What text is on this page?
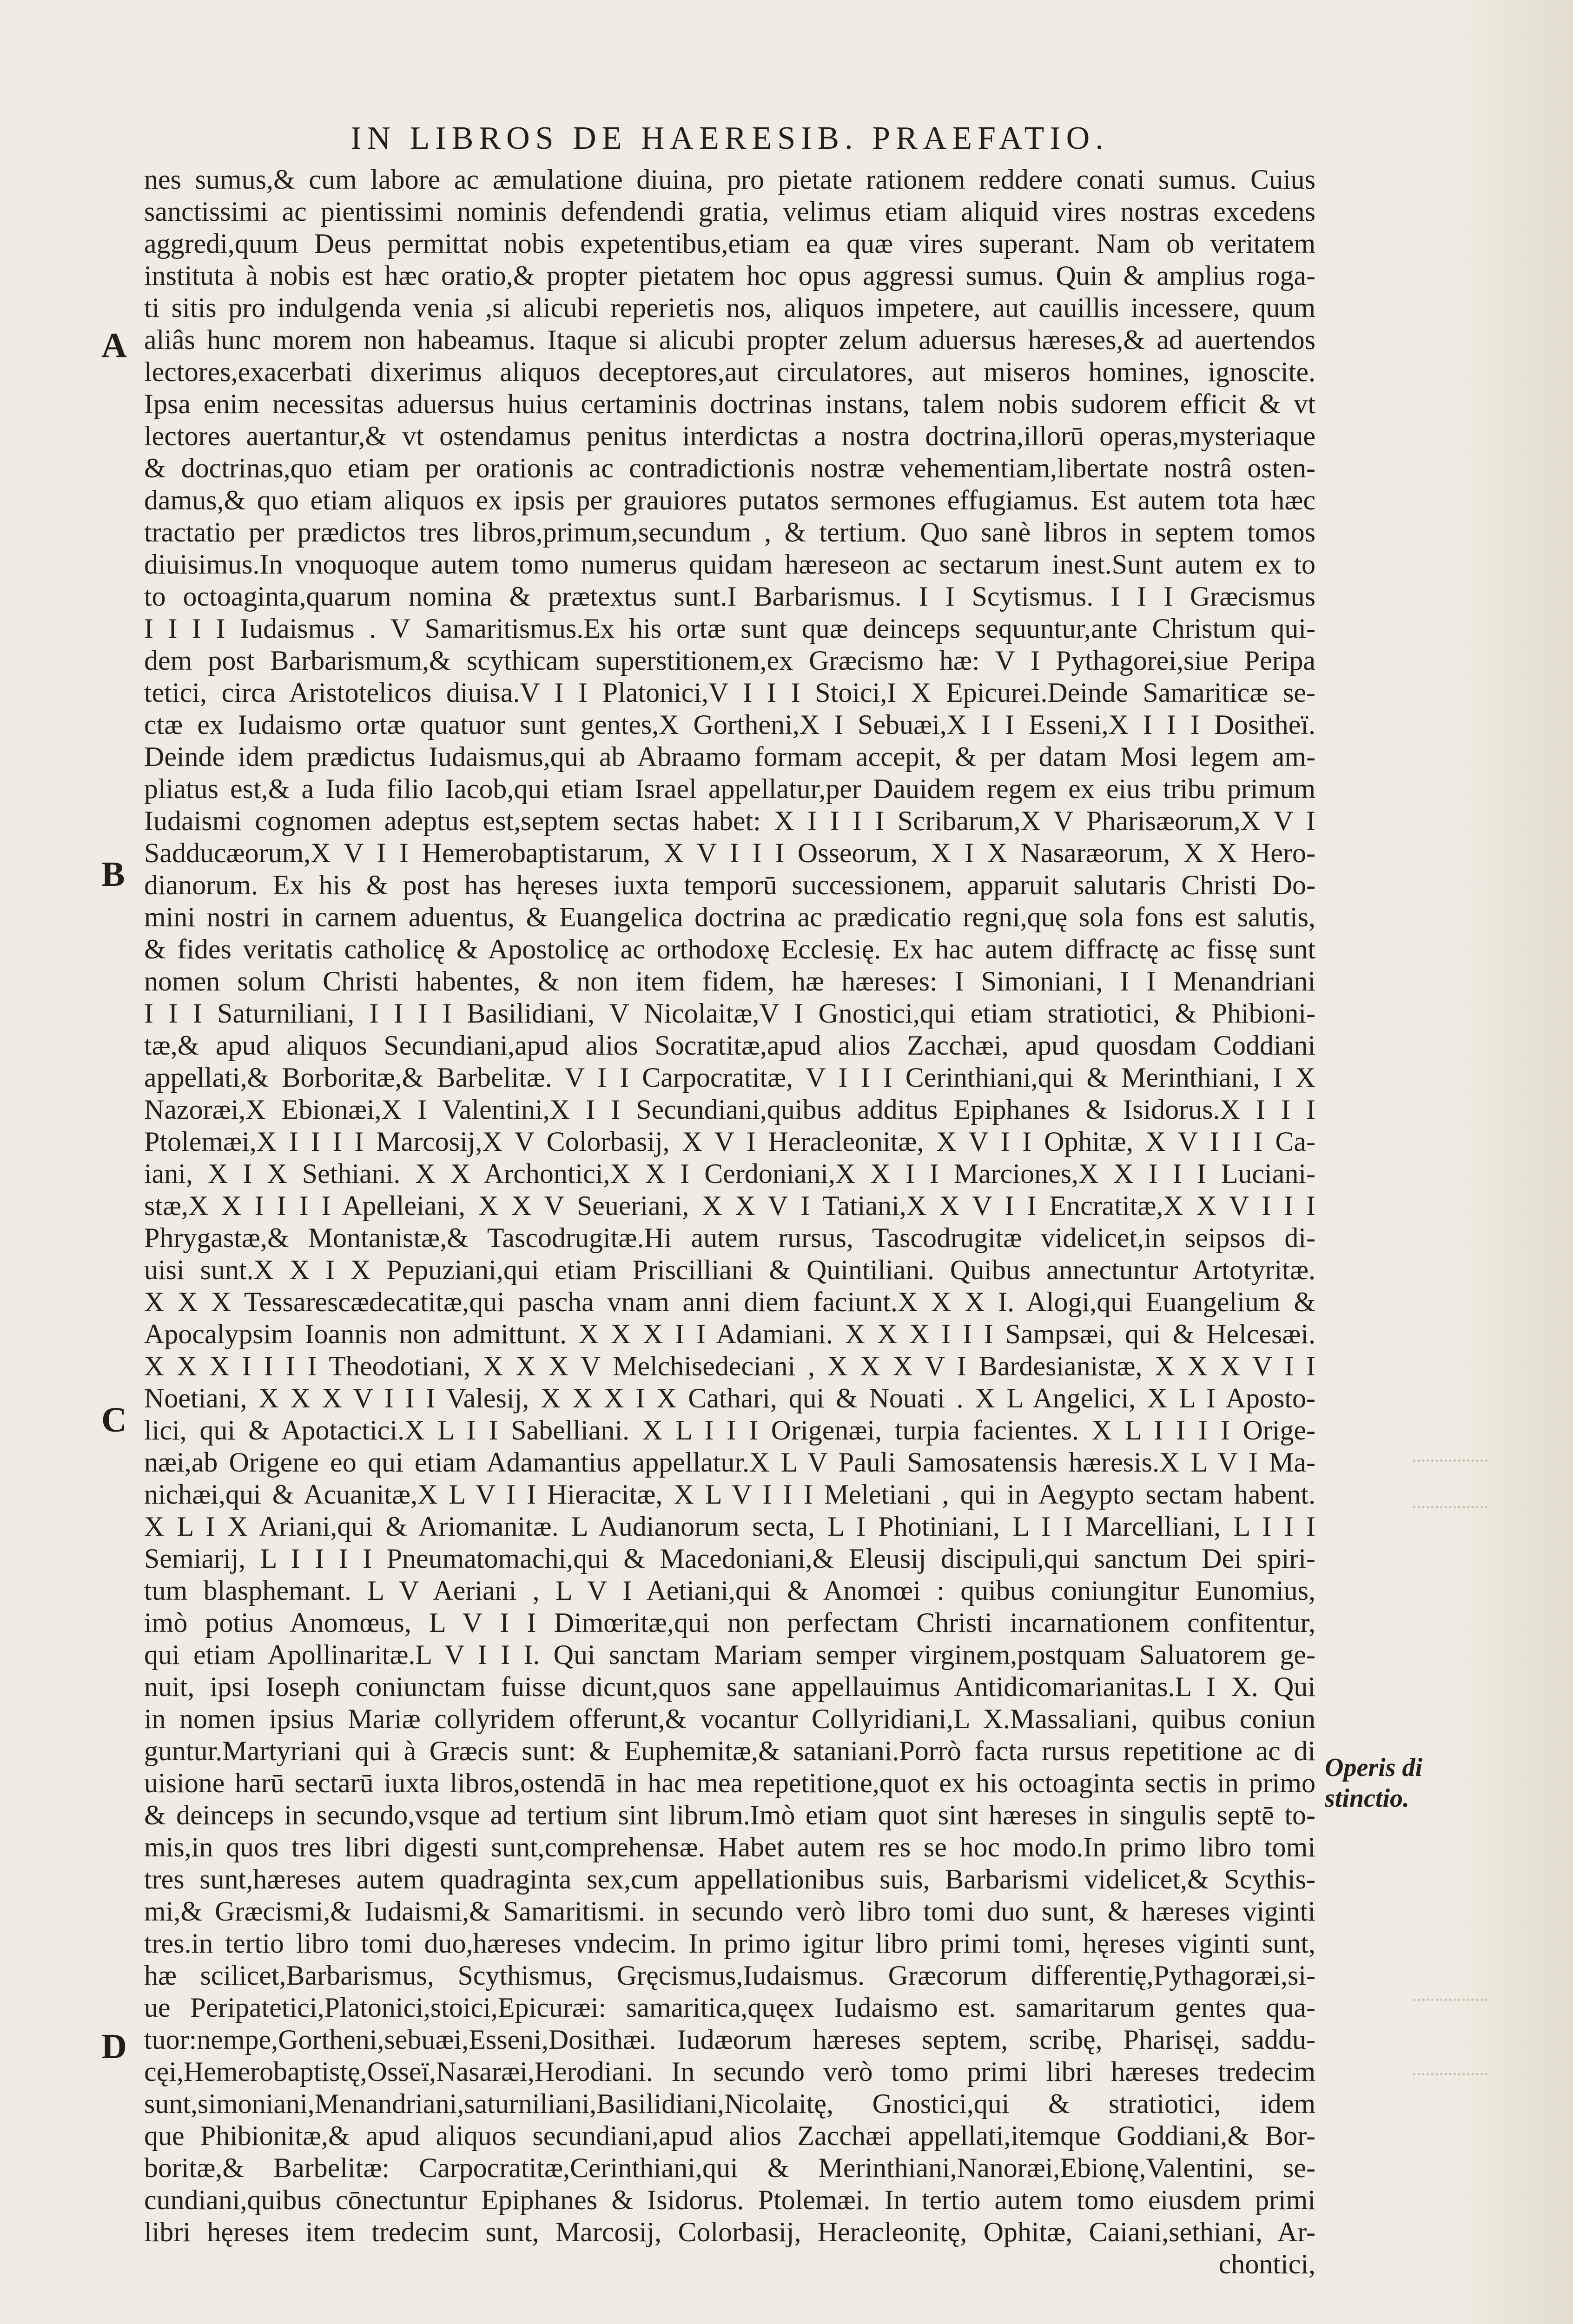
IN LIBROS DE HAERESIB. PRAEFATIO.
A
B
C
D
nes sumus,& cum labore ac æmulatione diuina, pro pietate rationem reddere conati sumus. Cuius
sanctissimi ac pientissimi nominis defendendi gratia, velimus etiam aliquid vires nostras excedens
aggredi,quum Deus permittat nobis expetentibus,etiam ea quæ vires superant. Nam ob veritatem
instituta à nobis est hæc oratio,& propter pietatem hoc opus aggressi sumus. Quin & amplius roga-
ti sitis pro indulgenda venia ,si alicubi reperietis nos, aliquos impetere, aut cauillis incessere, quum
aliâs hunc morem non habeamus. Itaque si alicubi propter zelum aduersus hæreses,& ad auertendos
lectores,exacerbati dixerimus aliquos deceptores,aut circulatores, aut miseros homines, ignoscite.
Ipsa enim necessitas aduersus huius certaminis doctrinas instans, talem nobis sudorem efficit & vt
lectores auertantur,& vt ostendamus penitus interdictas a nostra doctrina,illorū operas,mysteriaque
& doctrinas,quo etiam per orationis ac contradictionis nostræ vehementiam,libertate nostrâ osten-
damus,& quo etiam aliquos ex ipsis per grauiores putatos sermones effugiamus. Est autem tota hæc
tractatio per prædictos tres libros,primum,secundum , & tertium. Quo sanè libros in septem tomos
diuisimus.In vnoquoque autem tomo numerus quidam hæreseon ac sectarum inest.Sunt autem ex to
to octoaginta,quarum nomina & prætextus sunt.I Barbarismus. I I Scytismus. I I I Græcismus
I I I I Iudaismus . V Samaritismus.Ex his ortæ sunt quæ deinceps sequuntur,ante Christum qui-
dem post Barbarismum,& scythicam superstitionem,ex Græcismo hæ: V I Pythagorei,siue Peripa
tetici, circa Aristotelicos diuisa.V I I Platonici,V I I I Stoici,I X Epicurei.Deinde Samariticæ se-
ctæ ex Iudaismo ortæ quatuor sunt gentes,X Gortheni,X I Sebuæi,X I I Esseni,X I I I Dositheï.
Deinde idem prædictus Iudaismus,qui ab Abraamo formam accepit, & per datam Mosi legem am-
pliatus est,& a Iuda filio Iacob,qui etiam Israel appellatur,per Dauidem regem ex eius tribu primum
Iudaismi cognomen adeptus est,septem sectas habet: X I I I I Scribarum,X V Pharisæorum,X V I
Sadducæorum,X V I I Hemerobaptistarum, X V I I I Osseorum, X I X Nasaræorum, X X Hero-
dianorum. Ex his & post has hęreses iuxta temporū successionem, apparuit salutaris Christi Do-
mini nostri in carnem aduentus, & Euangelica doctrina ac prædicatio regni,quę sola fons est salutis,
& fides veritatis catholicę & Apostolicę ac orthodoxę Ecclesię. Ex hac autem diffractę ac fissę sunt
nomen solum Christi habentes, & non item fidem, hæ hæreses: I Simoniani, I I Menandriani
I I I Saturniliani, I I I I Basilidiani, V Nicolaitæ,V I Gnostici,qui etiam stratiotici, & Phibioni-
tæ,& apud aliquos Secundiani,apud alios Socratitæ,apud alios Zacchæi, apud quosdam Coddiani
appellati,& Borboritæ,& Barbelitæ. V I I Carpocratitæ, V I I I Cerinthiani,qui & Merinthiani, I X
Nazoræi,X Ebionæi,X I Valentini,X I I Secundiani,quibus additus Epiphanes & Isidorus.X I I I
Ptolemæi,X I I I I Marcosij,X V Colorbasij, X V I Heracleonitæ, X V I I Ophitæ, X V I I I Ca-
iani, X I X Sethiani. X X Archontici,X X I Cerdoniani,X X I I Marciones,X X I I I Luciani-
stæ,X X I I I I Apelleiani, X X V Seueriani, X X V I Tatiani,X X V I I Encratitæ,X X V I I I
Phrygastæ,& Montanistæ,& Tascodrugitæ.Hi autem rursus, Tascodrugitæ videlicet,in seipsos di-
uisi sunt.X X I X Pepuziani,qui etiam Priscilliani & Quintiliani. Quibus annectuntur Artotyritæ.
X X X Tessarescædecatitæ,qui pascha vnam anni diem faciunt.X X X I. Alogi,qui Euangelium &
Apocalypsim Ioannis non admittunt. X X X I I Adamiani. X X X I I I Sampsæi, qui & Helcesæi.
X X X I I I I Theodotiani, X X X V Melchisedeciani , X X X V I Bardesianistæ, X X X V I I
Noetiani, X X X V I I I Valesij, X X X I X Cathari, qui & Nouati . X L Angelici, X L I Aposto-
lici, qui & Apotactici.X L I I Sabelliani. X L I I I Origenæi, turpia facientes. X L I I I I Orige-
næi,ab Origene eo qui etiam Adamantius appellatur.X L V Pauli Samosatensis hæresis.X L V I Ma-
nichæi,qui & Acuanitæ,X L V I I Hieracitæ, X L V I I I Meletiani , qui in Aegypto sectam habent.
X L I X Ariani,qui & Ariomanitæ. L Audianorum secta, L I Photiniani, L I I Marcelliani, L I I I
Semiarij, L I I I I Pneumatomachi,qui & Macedoniani,& Eleusij discipuli,qui sanctum Dei spiri-
tum blasphemant. L V Aeriani , L V I Aetiani,qui & Anomœi : quibus coniungitur Eunomius,
imò potius Anomœus, L V I I Dimœritæ,qui non perfectam Christi incarnationem confitentur,
qui etiam Apollinaritæ.L V I I I. Qui sanctam Mariam semper virginem,postquam Saluatorem ge-
nuit, ipsi Ioseph coniunctam fuisse dicunt,quos sane appellauimus Antidicomarianitas.L I X. Qui
in nomen ipsius Mariæ collyridem offerunt,& vocantur Collyridiani,L X.Massaliani, quibus coniun
guntur.Martyriani qui à Græcis sunt: & Euphemitæ,& sataniani.Porrò facta rursus repetitione ac di
uisione harū sectarū iuxta libros,ostendā in hac mea repetitione,quot ex his octoaginta sectis in primo
& deinceps in secundo,vsque ad tertium sint librum.Imò etiam quot sint hæreses in singulis septē to-
mis,in quos tres libri digesti sunt,comprehensæ. Habet autem res se hoc modo.In primo libro tomi
tres sunt,hæreses autem quadraginta sex,cum appellationibus suis, Barbarismi videlicet,& Scythis-
mi,& Græcismi,& Iudaismi,& Samaritismi. in secundo verò libro tomi duo sunt, & hæreses viginti
tres.in tertio libro tomi duo,hæreses vndecim. In primo igitur libro primi tomi, hęreses viginti sunt,
hæ scilicet,Barbarismus, Scythismus, Gręcismus,Iudaismus. Græcorum differentię,Pythagoræi,si-
ue Peripatetici,Platonici,stoici,Epicuræi: samaritica,quęex Iudaismo est. samaritarum gentes qua-
tuor:nempe,Gortheni,sebuæi,Esseni,Dosithæi. Iudæorum hæreses septem, scribę, Pharisęi, saddu-
cęi,Hemerobaptistę,Osseï,Nasaræi,Herodiani. In secundo verò tomo primi libri hæreses tredecim
sunt,simoniani,Menandriani,saturniliani,Basilidiani,Nicolaitę, Gnostici,qui & stratiotici, idem
que Phibionitæ,& apud aliquos secundiani,apud alios Zacchæi appellati,itemque Goddiani,& Bor-
boritæ,& Barbelitæ: Carpocratitæ,Cerinthiani,qui & Merinthiani,Nanoræi,Ebionę,Valentini, se-
cundiani,quibus cōnectuntur Epiphanes & Isidorus. Ptolemæi. In tertio autem tomo eiusdem primi
libri hęreses item tredecim sunt, Marcosij, Colorbasij, Heracleonitę, Ophitæ, Caiani,sethiani, Ar-
chontici,
Operis di
stinctio.
